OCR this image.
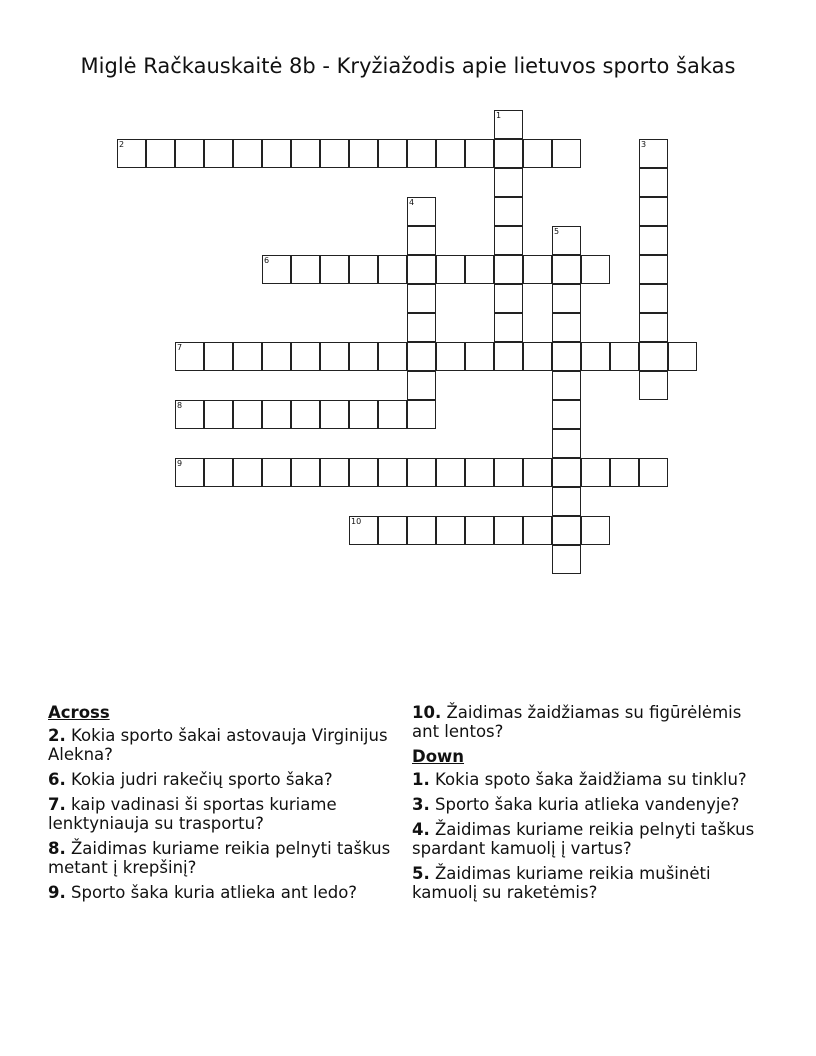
Miglė Račkauskaitė 8b - Kryžiažodis apie lietuvos sporto šakas
2
6
7
8
9
10
1
3
4
5
Across
2. Kokia sporto šakai astovauja Virginijus Alekna?
6. Kokia judri rakečių sporto šaka?
7. kaip vadinasi ši sportas kuriame lenktyniauja su trasportu?
8. Žaidimas kuriame reikia pelnyti taškus metant į krepšinį?
9. Sporto šaka kuria atlieka ant ledo?
10. Žaidimas žaidžiamas su figūrėlėmis ant lentos?
Down
1. Kokia spoto šaka žaidžiama su tinklu?
3. Sporto šaka kuria atlieka vandenyje?
4. Žaidimas kuriame reikia pelnyti taškus spardant kamuolį į vartus?
5. Žaidimas kuriame reikia mušinėti kamuolį su raketėmis?
